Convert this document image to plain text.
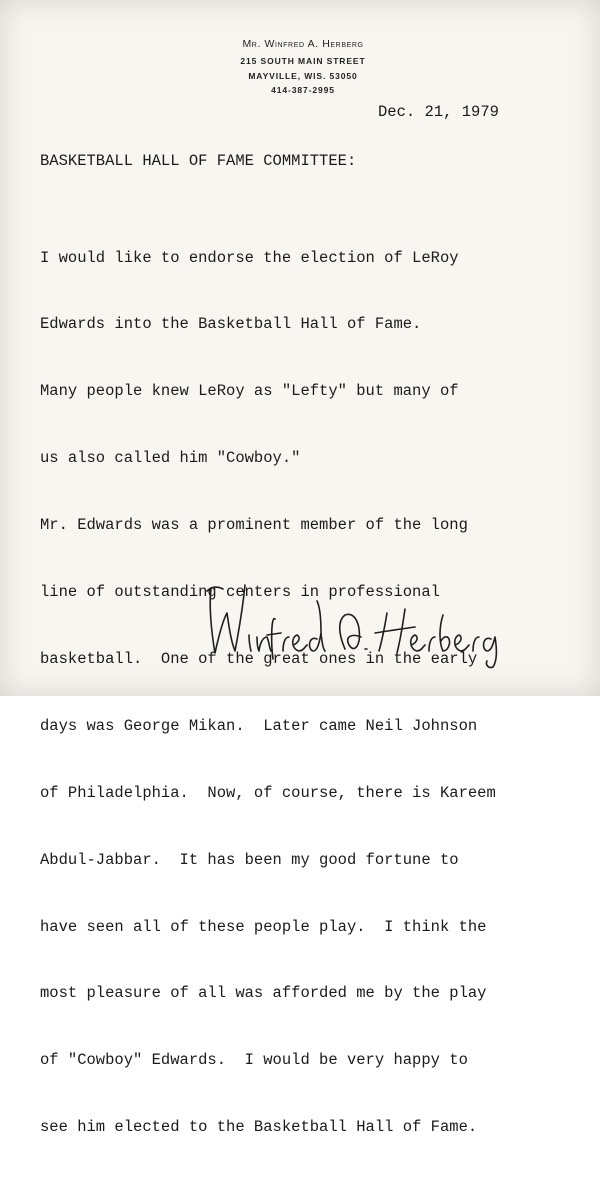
Mr. Winfred A. Herberg
215 SOUTH MAIN STREET
MAYVILLE, WIS. 53050
414-387-2995
Dec. 21, 1979
BASKETBALL HALL OF FAME COMMITTEE:

I would like to endorse the election of LeRoy

Edwards into the Basketball Hall of Fame.

Many people knew LeRoy as "Lefty" but many of

us also called him "Cowboy."

Mr. Edwards was a prominent member of the long

line of outstanding centers in professional

basketball.  One of the great ones in the early

days was George Mikan.  Later came Neil Johnson

of Philadelphia.  Now, of course, there is Kareem

Abdul-Jabbar.  It has been my good fortune to

have seen all of these people play.  I think the

most pleasure of all was afforded me by the play

of "Cowboy" Edwards.  I would be very happy to

see him elected to the Basketball Hall of Fame.
